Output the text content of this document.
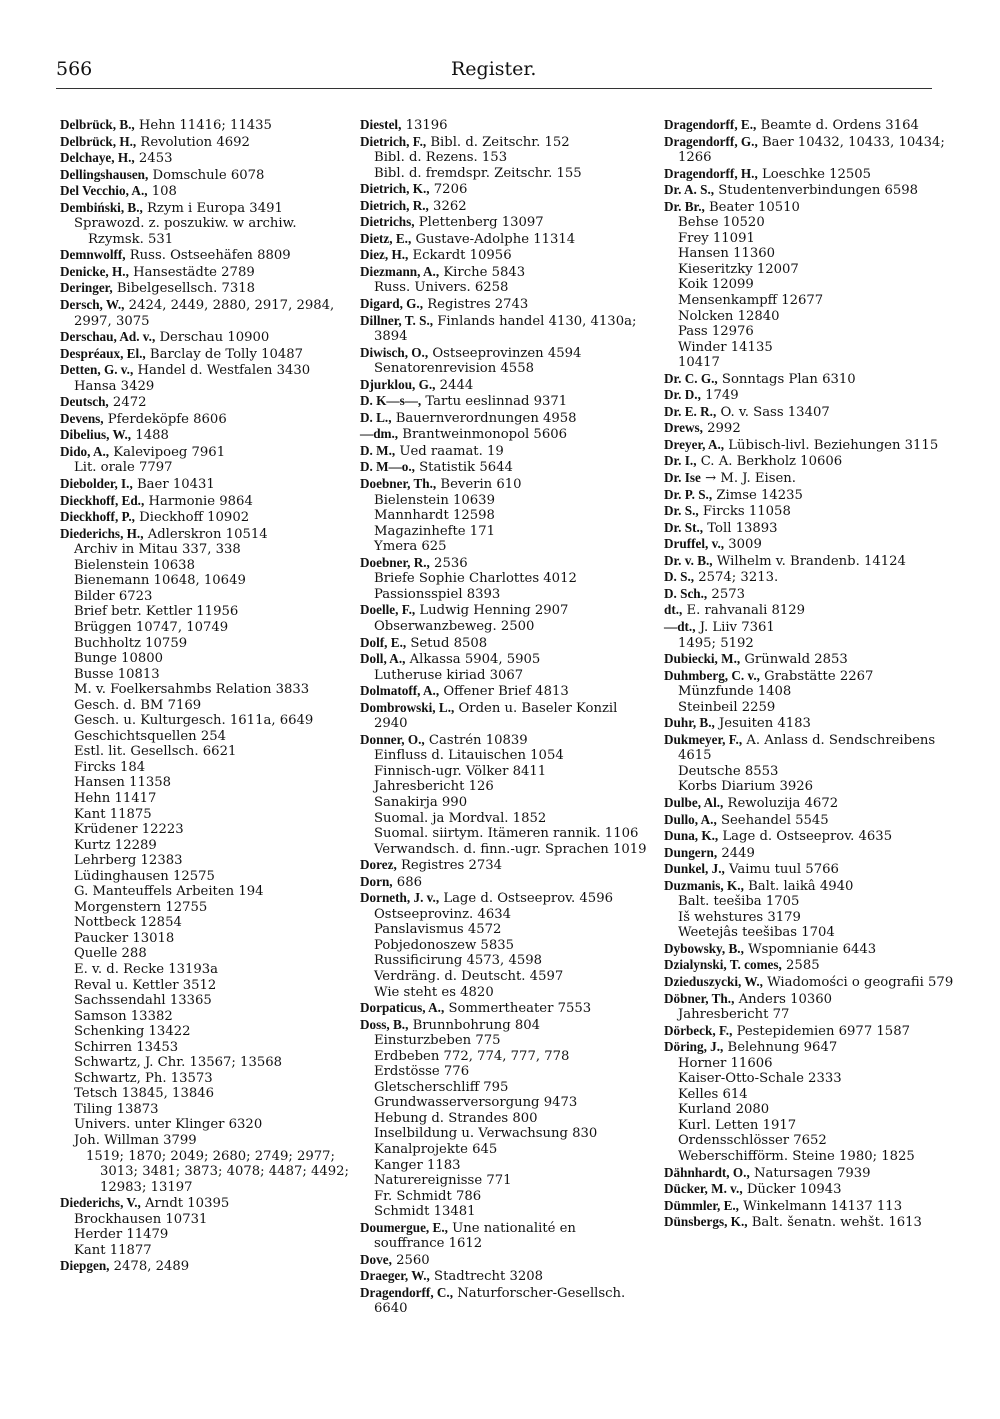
566	Register.
Delbrück, B., Hehn 11416; 11435
Delbrück, H., Revolution 4692
Delchaye, H., 2453
Dellingshausen, Domschule 6078
Del Vecchio, A., 108
Dembiński, B., Rzym i Europa 3491
Sprawozd. z. poszukiw. w archiw. Rzymsk. 531
Demnwolff, Russ. Ostseehäfen 8809
Denicke, H., Hansestädte 2789
Deringer, Bibelgesellsch. 7318
Dersch, W., 2424, 2449, 2880, 2917, 2984, 2997, 3075
Derschau, Ad. v., Derschau 10900
Despréaux, El., Barclay de Tolly 10487
Detten, G. v., Handel d. Westfalen 3430
Hansa 3429
Deutsch, 2472
Devens, Pferdeköpfe 8606
Dibelius, W., 1488
Dido, A., Kalevipoeg 7961
Lit. orale 7797
Diebolder, I., Baer 10431
Dieckhoff, Ed., Harmonie 9864
Dieckhoff, P., Dieckhoff 10902
Diederichs, H., Adlerskron 10514
Archiv in Mitau 337, 338
Bielenstein 10638
Bienemann 10648, 10649
Bilder 6723
Brief betr. Kettler 11956
Brüggen 10747, 10749
Buchholtz 10759
Bunge 10800
Busse 10813
M. v. Foelkersahmbs Relation 3833
Gesch. d. BM 7169
Gesch. u. Kulturgesch. 1611a, 6649
Geschichtsquellen 254
Estl. lit. Gesellsch. 6621
Fircks 184
Hansen 11358
Hehn 11417
Kant 11875
Krüdener 12223
Kurtz 12289
Lehrberg 12383
Lüdinghausen 12575
G. Manteuffels Arbeiten 194
Morgenstern 12755
Nottbeck 12854
Paucker 13018
Quelle 288
E. v. d. Recke 13193a
Reval u. Kettler 3512
Sachssendahl 13365
Samson 13382
Schenking 13422
Schirren 13453
Schwartz, J. Chr. 13567; 13568
Schwartz, Ph. 13573
Tetsch 13845, 13846
Tiling 13873
Univers. unter Klinger 6320
Joh. Willman 3799
1519; 1870; 2049; 2680; 2749; 2977; 3013; 3481; 3873; 4078; 4487; 4492; 12983; 13197
Diederichs, V., Arndt 10395
Brockhausen 10731
Herder 11479
Kant 11877
Diepgen, 2478, 2489
Diestel, 13196
Dietrich, F., Bibl. d. Zeitschr. 152
Bibl. d. Rezens. 153
Bibl. d. fremdspr. Zeitschr. 155
Dietrich, K., 7206
Dietrich, R., 3262
Dietrichs, Plettenberg 13097
Dietz, E., Gustave-Adolphe 11314
Diez, H., Eckardt 10956
Diezmann, A., Kirche 5843
Russ. Univers. 6258
Digard, G., Registres 2743
Dillner, T. S., Finlands handel 4130, 4130a; 3894
Diwisch, O., Ostseeprovinzen 4594
Senatorenrevision 4558
Djurklou, G., 2444
D. K—s—, Tartu eeslinnad 9371
D. L., Bauernverordnungen 4958
—dm., Brantweinmonopol 5606
D. M., Ued raamat. 19
D. M—o., Statistik 5644
Doebner, Th., Beverin 610
Bielenstein 10639
Mannhardt 12598
Magazinhefte 171
Ymera 625
Doebner, R., 2536
Briefe Sophie Charlottes 4012
Passionsspiel 8393
Doelle, F., Ludwig Henning 2907
Obserwanzbeweg. 2500
Dolf, E., Setud 8508
Doll, A., Alkassa 5904, 5905
Lutheruse kiriad 3067
Dolmatoff, A., Offener Brief 4813
Dombrowski, L., Orden u. Baseler Konzil 2940
Donner, O., Castrén 10839
Einfluss d. Litauischen 1054
Finnisch-ugr. Völker 8411
Jahresbericht 126
Sanakirja 990
Suomal. ja Mordval. 1852
Suomal. siirtym. Itämeren rannik. 1106
Verwandsch. d. finn.-ugr. Sprachen 1019
Dorez, Registres 2734
Dorn, 686
Dorneth, J. v., Lage d. Ostseeprov. 4596
Ostseeprovinz. 4634
Panslavismus 4572
Pobjedonoszew 5835
Russificirung 4573, 4598
Verdräng. d. Deutscht. 4597
Wie steht es 4820
Dorpaticus, A., Sommertheater 7553
Doss, B., Brunnbohrung 804
Einsturzbeben 775
Erdbeben 772, 774, 777, 778
Erdstösse 776
Gletscherschliff 795
Grundwasserversorgung 9473
Hebung d. Strandes 800
Inselbildung u. Verwachsung 830
Kanalprojekte 645
Kanger 1183
Naturereignisse 771
Fr. Schmidt 786
Schmidt 13481
Doumergue, E., Une nationalité en souffrance 1612
Dove, 2560
Draeger, W., Stadtrecht 3208
Dragendorff, C., Naturforscher-Gesellsch. 6640
Dragendorff, E., Beamte d. Ordens 3164
Dragendorff, G., Baer 10432, 10433, 10434; 1266
Dragendorff, H., Loeschke 12505
Dr. A. S., Studentenverbindungen 6598
Dr. Br., Beater 10510
Behse 10520
Frey 11091
Hansen 11360
Kieseritzky 12007
Koik 12099
Mensenkampff 12677
Nolcken 12840
Pass 12976
Winder 14135
10417
Dr. C. G., Sonntags Plan 6310
Dr. D., 1749
Dr. E. R., O. v. Sass 13407
Drews, 2992
Dreyer, A., Lübisch-livl. Beziehungen 3115
Dr. I., C. A. Berkholz 10606
Dr. Ise → M. J. Eisen.
Dr. P. S., Zimse 14235
Dr. S., Fircks 11058
Dr. St., Toll 13893
Druffel, v., 3009
Dr. v. B., Wilhelm v. Brandenb. 14124
D. S., 2574; 3213.
D. Sch., 2573
dt., E. rahvanali 8129
—dt., J. Liiv 7361
1495; 5192
Dubiecki, M., Grünwald 2853
Duhmberg, C. v., Grabstätte 2267
Münzfunde 1408
Steinbeil 2259
Duhr, B., Jesuiten 4183
Dukmeyer, F., A. Anlass d. Sendschreibens 4615
Deutsche 8553
Korbs Diarium 3926
Dulbe, Al., Rewoluzija 4672
Dullo, A., Seehandel 5545
Duna, K., Lage d. Ostseeprov. 4635
Dungern, 2449
Dunkel, J., Vaimu tuul 5766
Duzmanis, K., Balt. laikâ 4940
Balt. teešiba 1705
Iš wehstures 3179
Weetejâs teešibas 1704
Dybowsky, B., Wspomnianie 6443
Dzialynski, T. comes, 2585
Dzieduszycki, W., Wiadomości o geografii 579
Döbner, Th., Anders 10360
Jahresbericht 77
Dörbeck, F., Pestepidemien 6977 1587
Döring, J., Belehnung 9647
Horner 11606
Kaiser-Otto-Schale 2333
Kelles 614
Kurland 2080
Kurl. Letten 1917
Ordensschlösser 7652
Weberschifförm. Steine 1980; 1825
Dähnhardt, O., Natursagen 7939
Dücker, M. v., Dücker 10943
Dümmler, E., Winkelmann 14137 113
Dünsbergs, K., Balt. šenatn. wehšt. 1613
